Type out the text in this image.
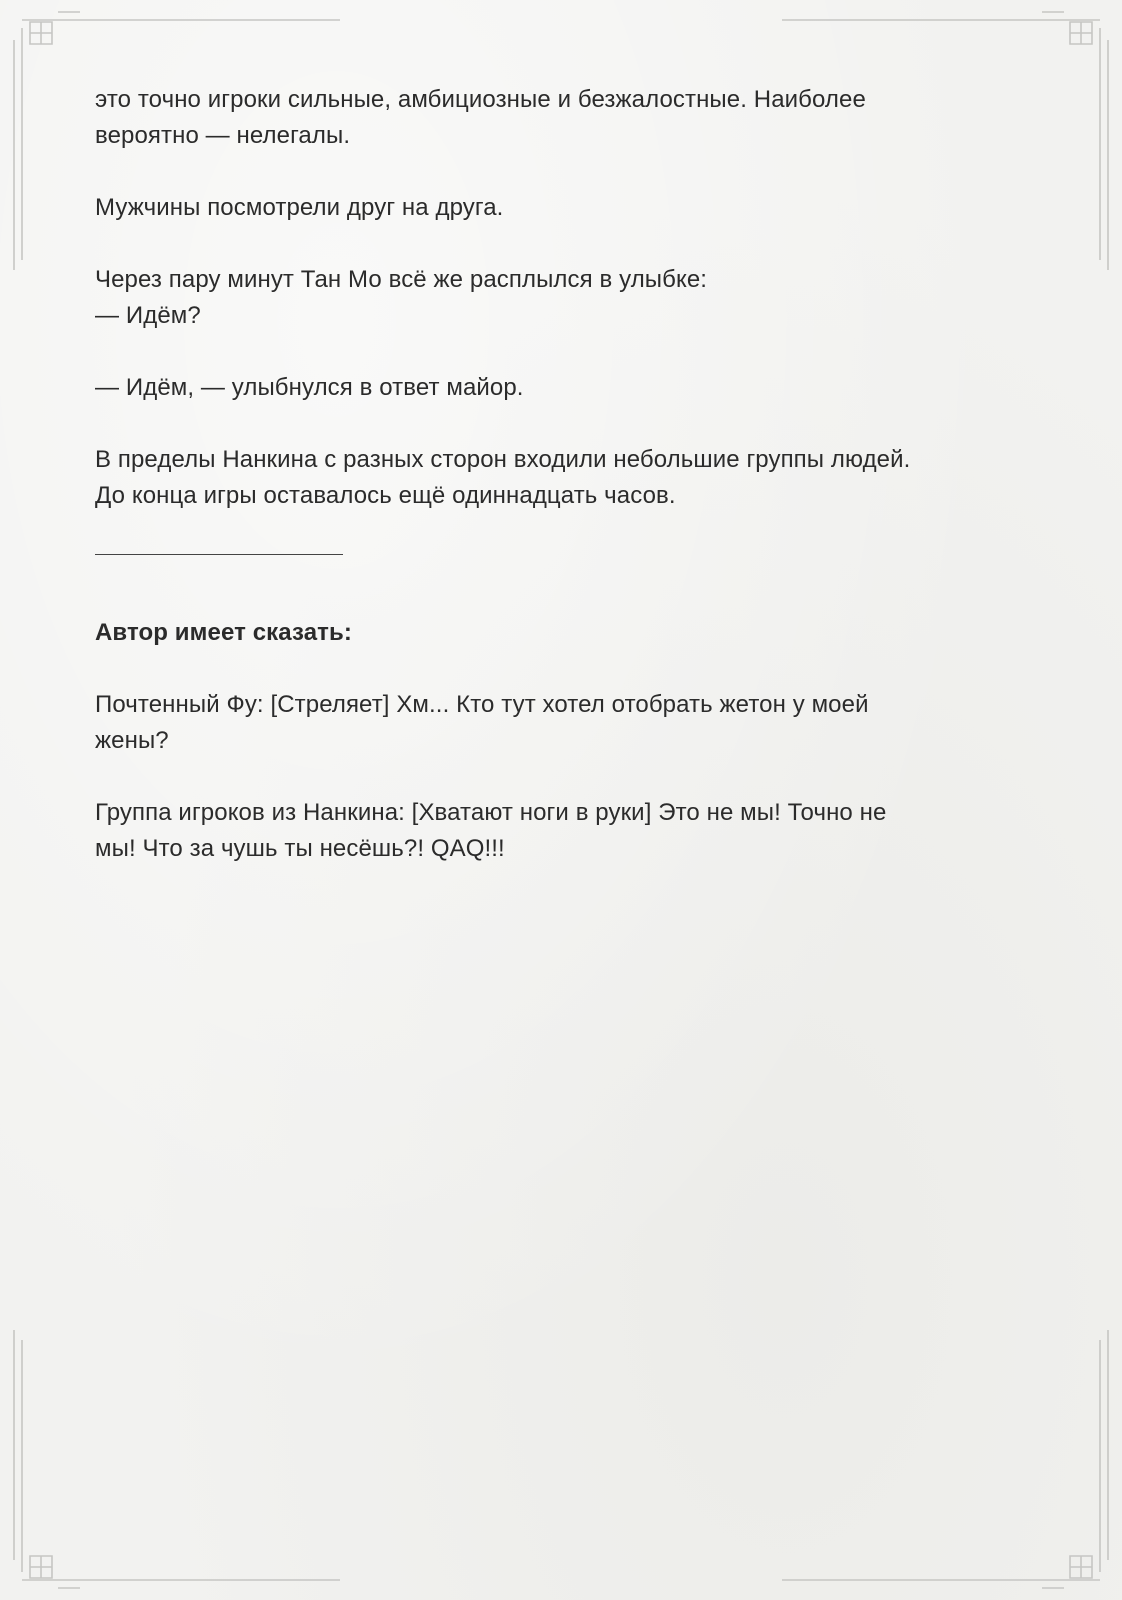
это точно игроки сильные, амбициозные и безжалостные. Наиболее
вероятно — нелегалы.

Мужчины посмотрели друг на друга.

Через пару минут Тан Мо всё же расплылся в улыбке:
— Идём?

— Идём, — улыбнулся в ответ майор.

В пределы Нанкина с разных сторон входили небольшие группы людей.
До конца игры оставалось ещё одиннадцать часов.

Автор имеет сказать:

Почтенный Фу: [Стреляет] Хм... Кто тут хотел отобрать жетон у моей
жены?

Группа игроков из Нанкина: [Хватают ноги в руки] Это не мы! Точно не
мы! Что за чушь ты несёшь?! QAQ!!!
